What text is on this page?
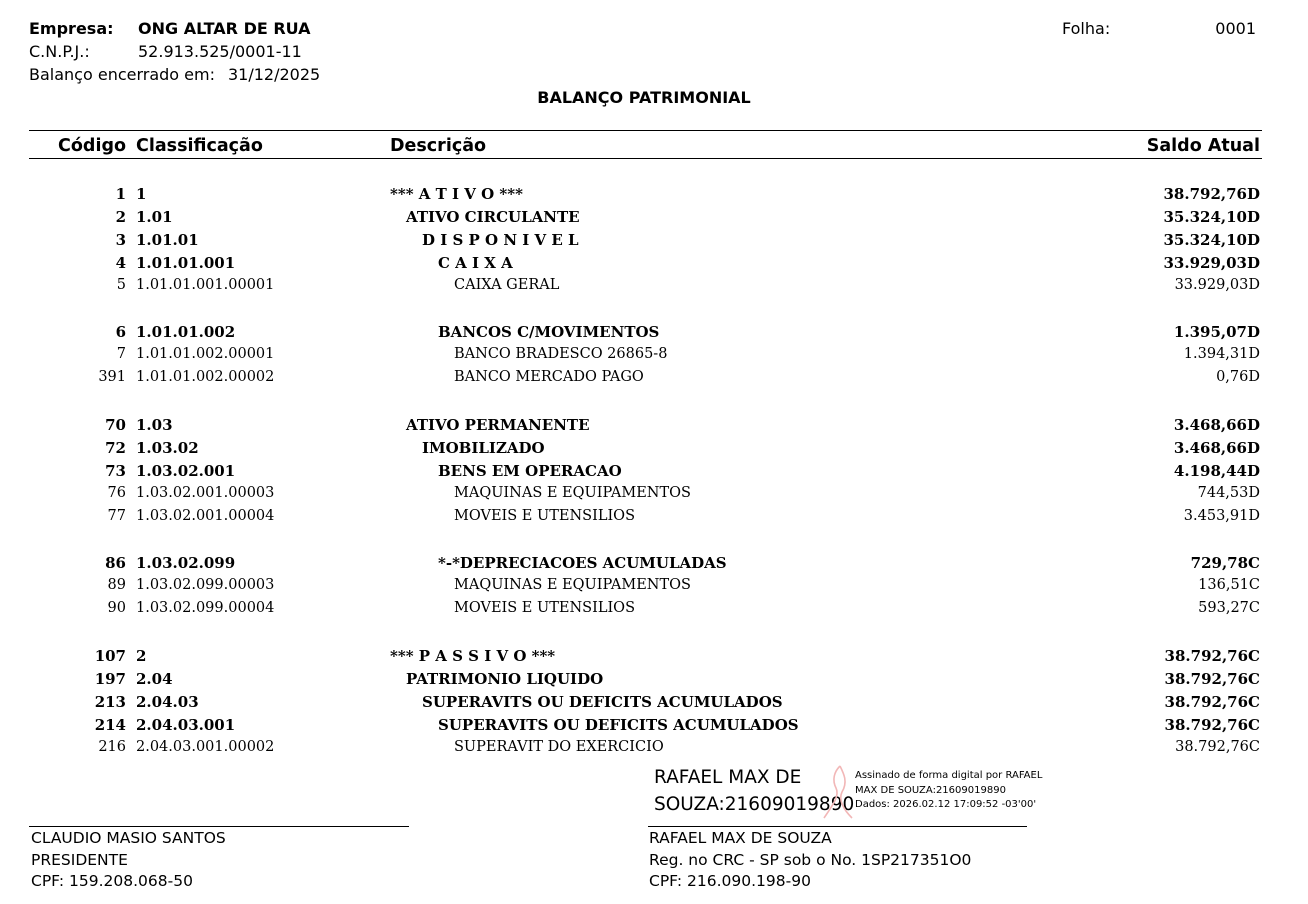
Empresa: ONG ALTAR DE RUA
C.N.P.J.:	52.913.525/0001-11
Balanço encerrado em: 31/12/2025
Folha:	0001
BALANÇO PATRIMONIAL
Código Classificação	Descrição	Saldo Atual
1 1	*** A T I V O ***	38.792,76D
2 1.01	ATIVO CIRCULANTE	35.324,10D
3 1.01.01	D I S P O N I V E L	35.324,10D
4 1.01.01.001	C A I X A	33.929,03D
5 1.01.01.001.00001	CAIXA GERAL	33.929,03D
6 1.01.01.002	BANCOS C/MOVIMENTOS	1.395,07D
7 1.01.01.002.00001	BANCO BRADESCO 26865-8	1.394,31D
391 1.01.01.002.00002	BANCO MERCADO PAGO	0,76D
70 1.03	ATIVO PERMANENTE	3.468,66D
72 1.03.02	IMOBILIZADO	3.468,66D
73 1.03.02.001	BENS EM OPERACAO	4.198,44D
76 1.03.02.001.00003	MAQUINAS E EQUIPAMENTOS	744,53D
77 1.03.02.001.00004	MOVEIS E UTENSILIOS	3.453,91D
86 1.03.02.099	*-*DEPRECIACOES ACUMULADAS	729,78C
89 1.03.02.099.00003	MAQUINAS E EQUIPAMENTOS	136,51C
90 1.03.02.099.00004	MOVEIS E UTENSILIOS	593,27C
107 2	*** P A S S I V O ***	38.792,76C
197 2.04	PATRIMONIO LIQUIDO	38.792,76C
213 2.04.03	SUPERAVITS OU DEFICITS ACUMULADOS	38.792,76C
214 2.04.03.001	SUPERAVITS OU DEFICITS ACUMULADOS	38.792,76C
216 2.04.03.001.00002	SUPERAVIT DO EXERCICIO	38.792,76C
RAFAEL MAX DE
SOUZA:21609019890
Assinado de forma digital por RAFAEL
MAX DE SOUZA:21609019890
Dados: 2026.02.12 17:09:52 -03'00'
CLAUDIO MASIO SANTOS
PRESIDENTE
CPF: 159.208.068-50
RAFAEL MAX DE SOUZA
Reg. no CRC - SP sob o No. 1SP217351O0
CPF: 216.090.198-90
